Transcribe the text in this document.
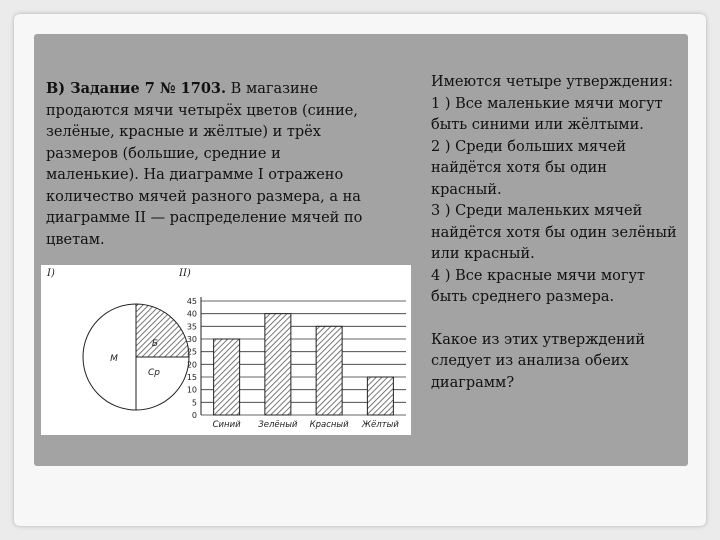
B) Задание 7 № 1703. В магазине продаются мячи четырёх цветов (синие, зелёные, красные и жёлтые) и трёх размеров (большие, средние и маленькие). На диаграмме I отражено количество мячей разного размера, а на диаграмме II — распределение мячей по цветам.

Имеются четыре утверждения:

1 ) Все маленькие мячи могут быть синими или жёлтыми.

2 ) Среди больших мячей найдётся хотя бы один красный.

3 ) Среди маленьких мячей найдётся хотя бы один зелёный или красный.

4 ) Все красные мячи могут быть среднего размера.

Какое из этих утверждений следует из анализа обеих диаграмм?

I)	II)
М
Б
Ср
0
5
10
15
20
25
30
35
40
45
Синий Зелёный Красный Жёлтый
